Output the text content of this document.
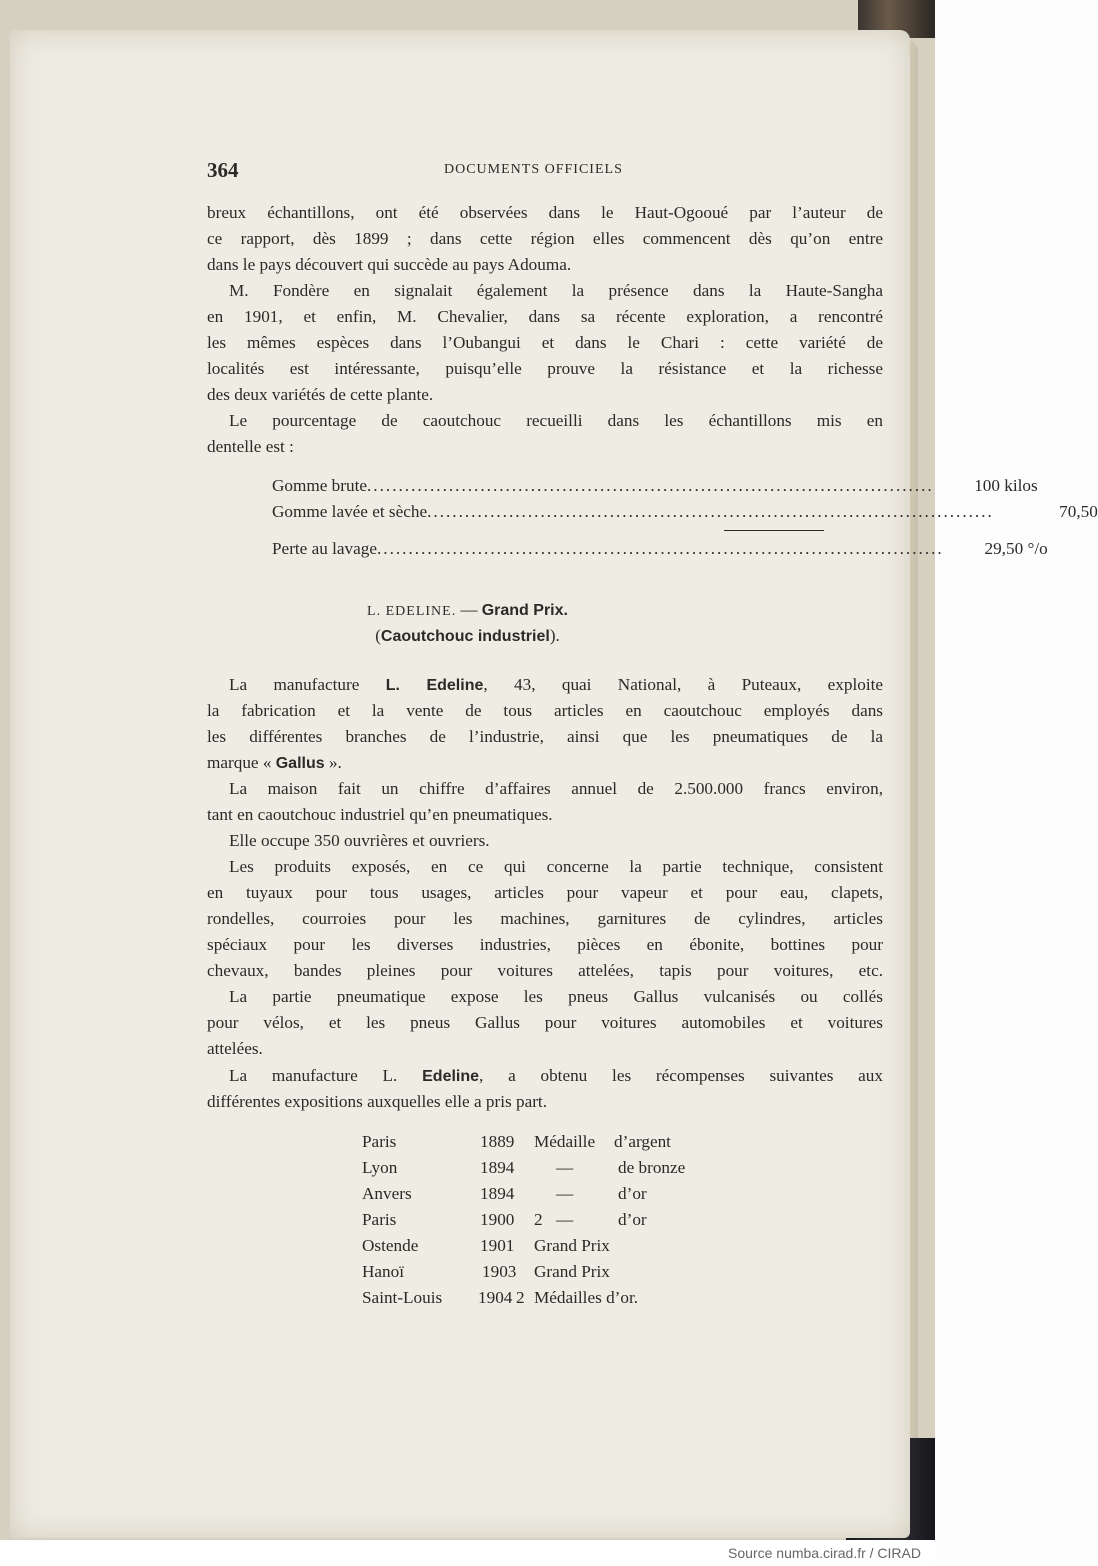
364	DOCUMENTS OFFICIELS
breux échantillons, ont été observées dans le Haut-Ogooué par l’auteur de
ce rapport, dès 1899 ; dans cette région elles commencent dès qu’on entre
dans le pays découvert qui succède au pays Adouma.
M. Fondère en signalait également la présence dans la Haute-Sangha
en 1901, et enfin, M. Chevalier, dans sa récente exploration, a rencontré
les mêmes espèces dans l’Oubangui et dans le Chari : cette variété de
localités est intéressante, puisqu’elle prouve la résistance et la richesse
des deux variétés de cette plante.
Le pourcentage de caoutchouc recueilli dans les échantillons mis en
dentelle est :
Gomme brute ..........................................................................................	100 kilos
Gomme lavée et sèche ..........................................................................................	70,50
Perte au lavage ..........................................................................................	29,50 °/o
L. EDELINE. — Grand Prix.
(Caoutchouc industriel).
La manufacture L. Edeline, 43, quai National, à Puteaux, exploite
la fabrication et la vente de tous articles en caoutchouc employés dans
les différentes branches de l’industrie, ainsi que les pneumatiques de la
marque « Gallus ».
La maison fait un chiffre d’affaires annuel de 2.500.000 francs environ,
tant en caoutchouc industriel qu’en pneumatiques.
Elle occupe 350 ouvrières et ouvriers.
Les produits exposés, en ce qui concerne la partie technique, consistent
en tuyaux pour tous usages, articles pour vapeur et pour eau, clapets,
rondelles, courroies pour les machines, garnitures de cylindres, articles
spéciaux pour les diverses industries, pièces en ébonite, bottines pour
chevaux, bandes pleines pour voitures attelées, tapis pour voitures, etc.
La partie pneumatique expose les pneus Gallus vulcanisés ou collés
pour vélos, et les pneus Gallus pour voitures automobiles et voitures
attelées.
La manufacture L. Edeline, a obtenu les récompenses suivantes aux
différentes expositions auxquelles elle a pris part.
Paris	1889 Médaille d’argent
Lyon	1894 —	de bronze
Anvers	1894 —	d’or
Paris	1900 2 —	d’or
Ostende	1901 Grand Prix
Hanoï	1903 Grand Prix
Saint-Louis 1904 2 Médailles d’or.
Source numba.cirad.fr / CIRAD
